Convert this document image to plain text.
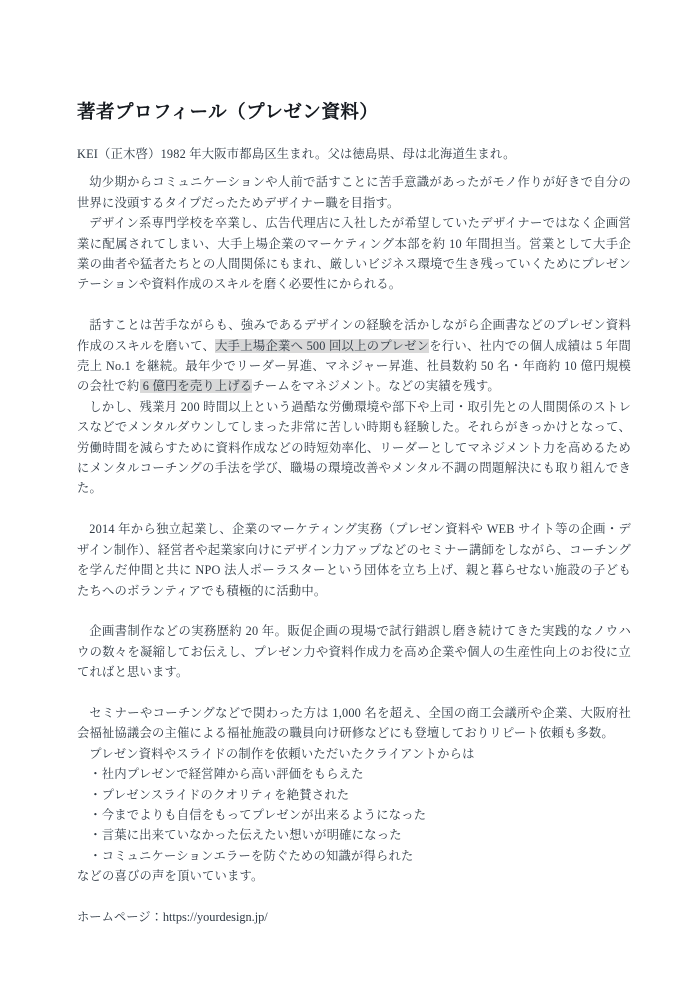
著者プロフィール（プレゼン資料）

KEI（正木啓）1982 年大阪市都島区生まれ。父は徳島県、母は北海道生まれ。

幼少期からコミュニケーションや人前で話すことに苦手意識があったがモノ作りが好きで自分の世界に没頭するタイプだったためデザイナー職を目指す。

デザイン系専門学校を卒業し、広告代理店に入社したが希望していたデザイナーではなく企画営業に配属されてしまい、大手上場企業のマーケティング本部を約 10 年間担当。営業として大手企業の曲者や猛者たちとの人間関係にもまれ、厳しいビジネス環境で生き残っていくためにプレゼンテーションや資料作成のスキルを磨く必要性にかられる。

話すことは苦手ながらも、強みであるデザインの経験を活かしながら企画書などのプレゼン資料作成のスキルを磨いて、大手上場企業へ 500 回以上のプレゼンを行い、社内での個人成績は 5 年間売上 No.1 を継続。最年少でリーダー昇進、マネジャー昇進、社員数約 50 名・年商約 10 億円規模の会社で約 6 億円を売り上げるチームをマネジメント。などの実績を残す。

しかし、残業月 200 時間以上という過酷な労働環境や部下や上司・取引先との人間関係のストレスなどでメンタルダウンしてしまった非常に苦しい時期も経験した。それらがきっかけとなって、労働時間を減らすために資料作成などの時短効率化、リーダーとしてマネジメント力を高めるためにメンタルコーチングの手法を学び、職場の環境改善やメンタル不調の問題解決にも取り組んできた。

2014 年から独立起業し、企業のマーケティング実務（プレゼン資料や WEB サイト等の企画・デザイン制作）、経営者や起業家向けにデザイン力アップなどのセミナー講師をしながら、コーチングを学んだ仲間と共に NPO 法人ポーラスターという団体を立ち上げ、親と暮らせない施設の子どもたちへのボランティアでも積極的に活動中。

企画書制作などの実務歴約 20 年。販促企画の現場で試行錯誤し磨き続けてきた実践的なノウハウの数々を凝縮してお伝えし、プレゼン力や資料作成力を高め企業や個人の生産性向上のお役に立てればと思います。

セミナーやコーチングなどで関わった方は 1,000 名を超え、全国の商工会議所や企業、大阪府社会福祉協議会の主催による福祉施設の職員向け研修などにも登壇しておりリピート依頼も多数。

プレゼン資料やスライドの制作を依頼いただいたクライアントからは

・社内プレゼンで経営陣から高い評価をもらえた

・プレゼンスライドのクオリティを絶賛された

・今までよりも自信をもってプレゼンが出来るようになった

・言葉に出来ていなかった伝えたい想いが明確になった

・コミュニケーションエラーを防ぐための知識が得られた

などの喜びの声を頂いています。

ホームページ：https://yourdesign.jp/
